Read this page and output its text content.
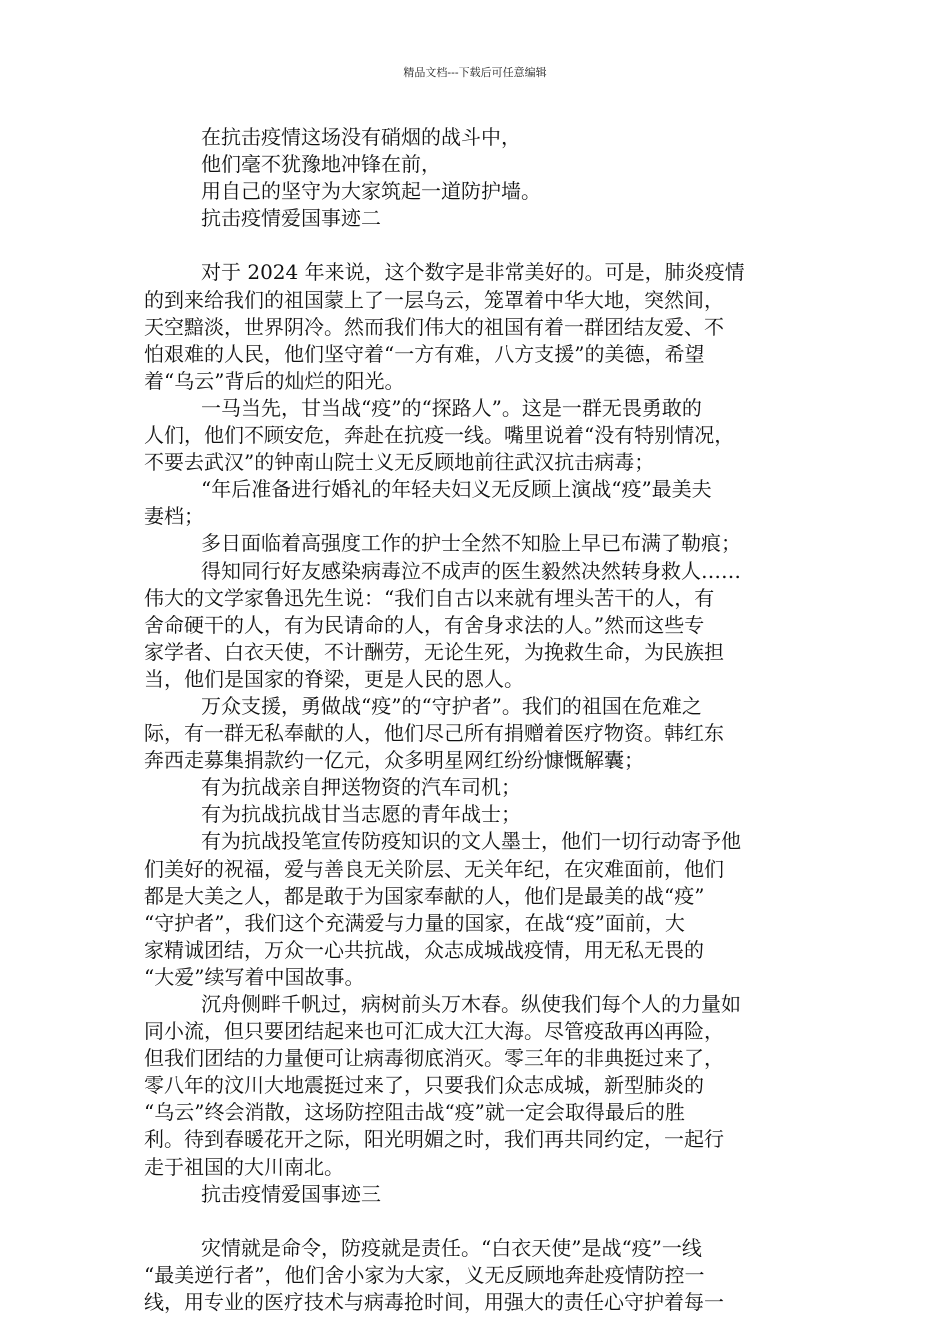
精品文档---下载后可任意编辑
在抗击疫情这场没有硝烟的战斗中，
他们毫不犹豫地冲锋在前，
用自己的坚守为大家筑起一道防护墙。
抗击疫情爱国事迹二
对于 2024 年来说，这个数字是非常美好的。可是，肺炎疫情
的到来给我们的祖国蒙上了一层乌云，笼罩着中华大地，突然间，
天空黯淡，世界阴冷。然而我们伟大的祖国有着一群团结友爱、不
怕艰难的人民，他们坚守着“一方有难，八方支援”的美德，希望
着“乌云”背后的灿烂的阳光。
一马当先，甘当战“疫”的“探路人”。这是一群无畏勇敢的
人们，他们不顾安危，奔赴在抗疫一线。嘴里说着“没有特别情况，
不要去武汉”的钟南山院士义无反顾地前往武汉抗击病毒；
“年后准备进行婚礼的年轻夫妇义无反顾上演战“疫”最美夫
妻档；
多日面临着高强度工作的护士全然不知脸上早已布满了勒痕；
得知同行好友感染病毒泣不成声的医生毅然决然转身救人……
伟大的文学家鲁迅先生说：“我们自古以来就有埋头苦干的人，有
舍命硬干的人，有为民请命的人，有舍身求法的人。”然而这些专
家学者、白衣天使，不计酬劳，无论生死，为挽救生命，为民族担
当，他们是国家的脊梁，更是人民的恩人。
万众支援，勇做战“疫”的“守护者”。我们的祖国在危难之
际，有一群无私奉献的人，他们尽己所有捐赠着医疗物资。韩红东
奔西走募集捐款约一亿元，众多明星网红纷纷慷慨解囊；
有为抗战亲自押送物资的汽车司机；
有为抗战抗战甘当志愿的青年战士；
有为抗战投笔宣传防疫知识的文人墨士，他们一切行动寄予他
们美好的祝福，爱与善良无关阶层、无关年纪，在灾难面前，他们
都是大美之人，都是敢于为国家奉献的人，他们是最美的战“疫”
“守护者”，我们这个充满爱与力量的国家，在战“疫”面前，大
家精诚团结，万众一心共抗战，众志成城战疫情，用无私无畏的
“大爱”续写着中国故事。
沉舟侧畔千帆过，病树前头万木春。纵使我们每个人的力量如
同小流，但只要团结起来也可汇成大江大海。尽管疫敌再凶再险，
但我们团结的力量便可让病毒彻底消灭。零三年的非典挺过来了，
零八年的汶川大地震挺过来了，只要我们众志成城，新型肺炎的
“乌云”终会消散，这场防控阻击战“疫”就一定会取得最后的胜
利。待到春暖花开之际，阳光明媚之时，我们再共同约定，一起行
走于祖国的大川南北。
抗击疫情爱国事迹三
灾情就是命令，防疫就是责任。“白衣天使”是战“疫”一线
“最美逆行者”，他们舍小家为大家，义无反顾地奔赴疫情防控一
线，用专业的医疗技术与病毒抢时间，用强大的责任心守护着每一
